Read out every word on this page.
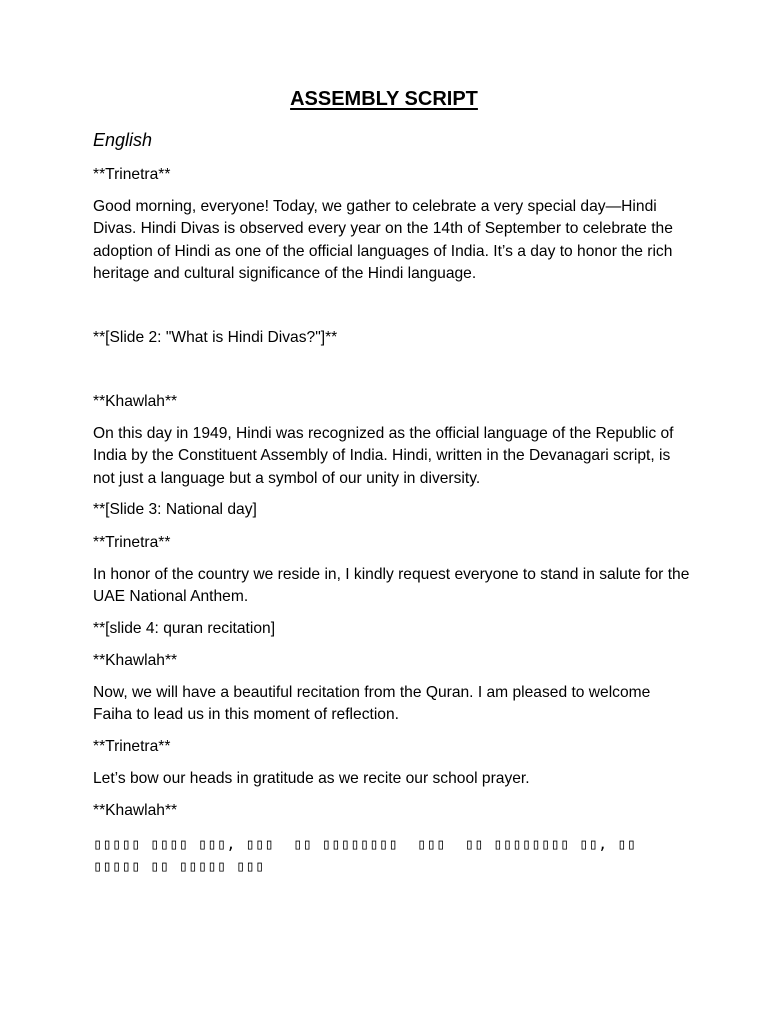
ASSEMBLY SCRIPT
English
**Trinetra**
Good morning, everyone! Today, we gather to celebrate a very special day—Hindi Divas. Hindi Divas is observed every year on the 14th of September to celebrate the adoption of Hindi as one of the official languages of India. It’s a day to honor the rich heritage and cultural significance of the Hindi language.
**[Slide 2: "What is Hindi Divas?"]**
**Khawlah**
On this day in 1949, Hindi was recognized as the official language of the Republic of India by the Constituent Assembly of India. Hindi, written in the Devanagari script, is not just a language but a symbol of our unity in diversity.
**[Slide 3: National day]
**Trinetra**
In honor of the country we reside in, I kindly request everyone to stand in salute for the UAE National Anthem.
**[slide 4: quran recitation]
**Khawlah**
Now, we will have a beautiful recitation from the Quran. I am pleased to welcome Faiha to lead us in this moment of reflection.
**Trinetra**
Let’s bow our heads in gratitude as we recite our school prayer.
**Khawlah**
▯▯▯▯▯ ▯▯▯▯ ▯▯▯, ▯▯▯  ▯▯ ▯▯▯▯▯▯▯▯  ▯▯▯  ▯▯ ▯▯▯▯▯▯▯▯ ▯▯, ▯▯ ▯▯▯▯▯ ▯▯ ▯▯▯▯▯ ▯▯▯
